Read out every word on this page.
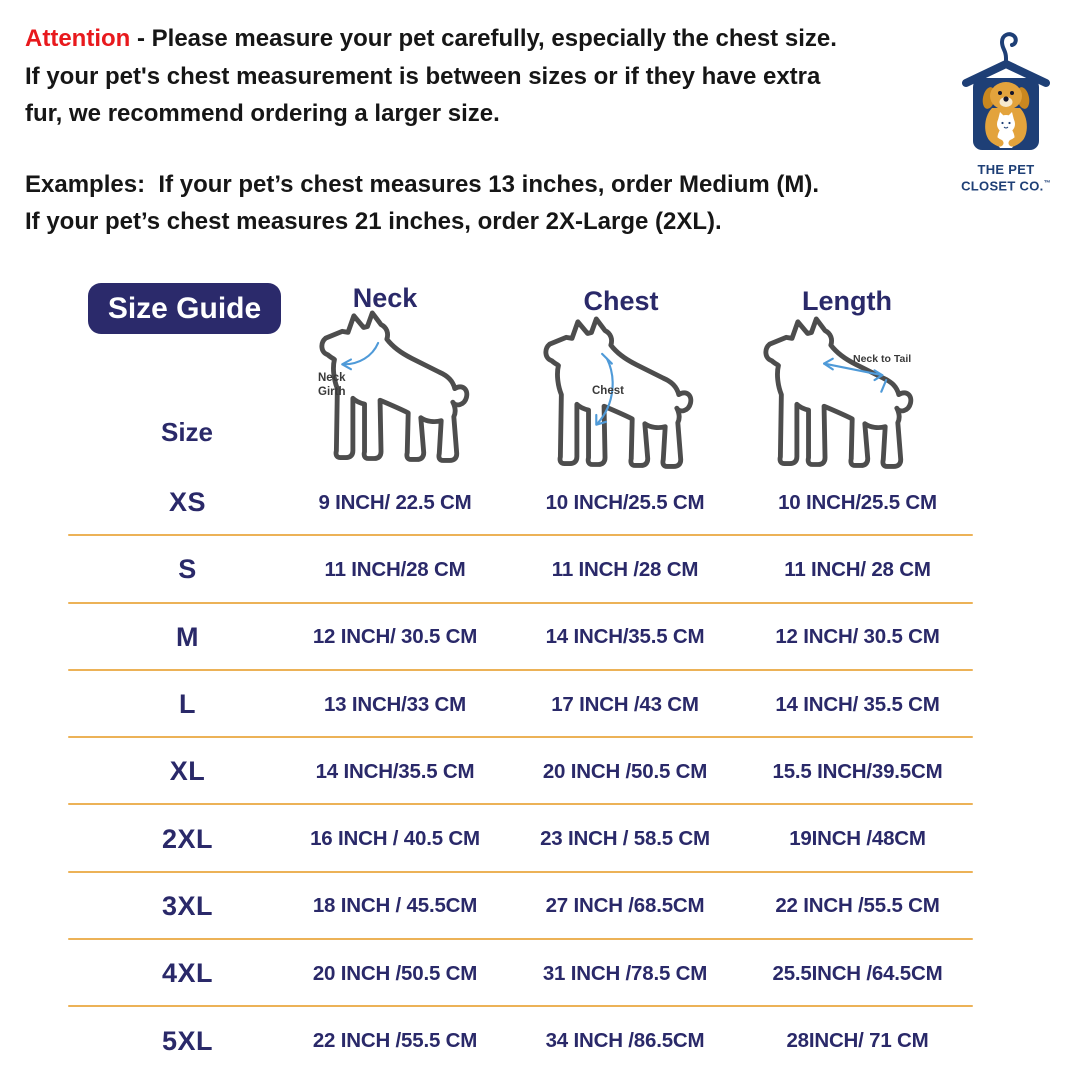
Attention - Please measure your pet carefully, especially the chest size.
If your pet's chest measurement is between sizes or if they have extra
fur, we recommend ordering a larger size.
Examples:  If your pet’s chest measures 13 inches, order Medium (M).
If your pet’s chest measures 21 inches, order 2X-Large (2XL).
THE PET
CLOSET CO.™
Size Guide	Neck	Chest	Length
Neck
Girth	Chest
Neck to Tail
Size
XS	9 INCH/ 22.5 CM	10 INCH/25.5 CM	10 INCH/25.5 CM
S	11 INCH/28 CM	11 INCH /28 CM	11 INCH/ 28 CM
M	12 INCH/ 30.5 CM	14 INCH/35.5 CM	12 INCH/ 30.5 CM
L	13 INCH/33 CM	17 INCH /43 CM	14 INCH/ 35.5 CM
XL	14 INCH/35.5 CM	20 INCH /50.5 CM	15.5 INCH/39.5CM
2XL	16 INCH / 40.5 CM	23 INCH / 58.5 CM	19INCH /48CM
3XL	18 INCH / 45.5CM	27 INCH /68.5CM	22 INCH /55.5 CM
4XL	20 INCH /50.5 CM	31 INCH /78.5 CM	25.5INCH /64.5CM
5XL	22 INCH /55.5 CM	34 INCH /86.5CM	28INCH/ 71 CM
